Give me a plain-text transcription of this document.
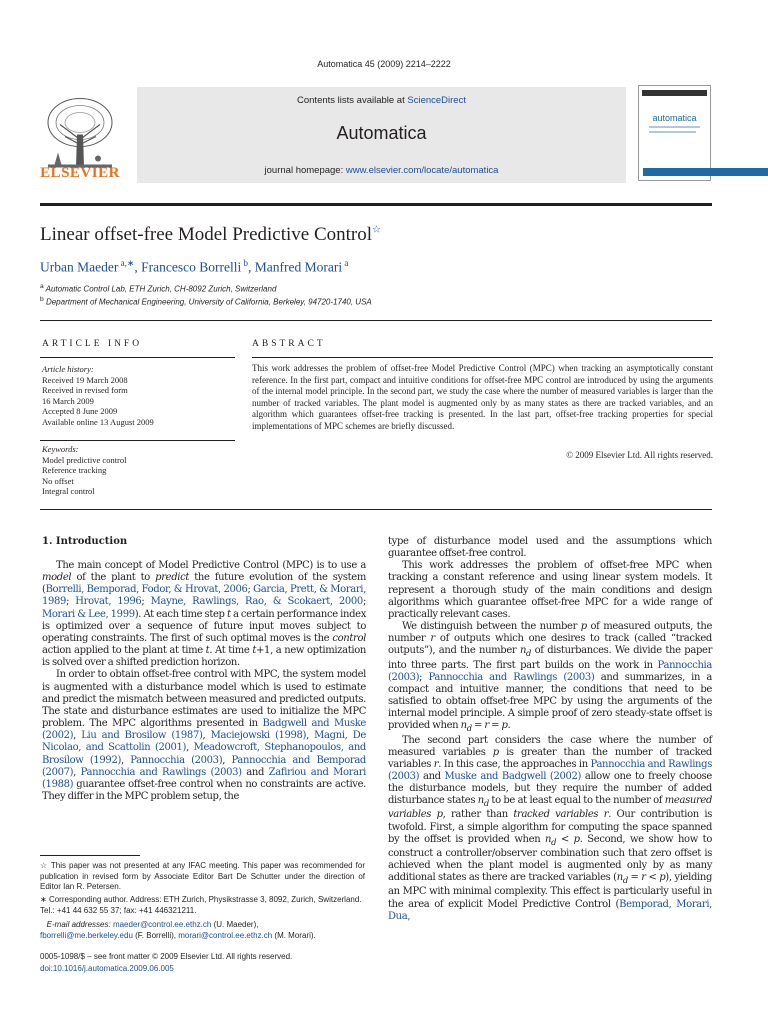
Automatica 45 (2009) 2214–2222
ELSEVIER
Contents lists available at ScienceDirect
Automatica
journal homepage: www.elsevier.com/locate/automatica
automatica
Linear offset-free Model Predictive Control☆
Urban Maeder $^{a,∗}$, Francesco Borrelli $^b$, Manfred Morari $^a$
$^a$ Automatic Control Lab, ETH Zurich, CH-8092 Zurich, Switzerland
$^b$ Department of Mechanical Engineering, University of California, Berkeley, 94720-1740, USA
ARTICLE INFO
Article history:
Received 19 March 2008
Received in revised form
16 March 2009
Accepted 8 June 2009
Available online 13 August 2009
Keywords:
Model predictive control
Reference tracking
No offset
Integral control
ABSTRACT
This work addresses the problem of offset-free Model Predictive Control (MPC) when tracking an asymptotically constant reference. In the first part, compact and intuitive conditions for offset-free MPC control are introduced by using the arguments of the internal model principle. In the second part, we study the case where the number of measured variables is larger than the number of tracked variables. The plant model is augmented only by as many states as there are tracked variables, and an algorithm which guarantees offset-free tracking is presented. In the last part, offset-free tracking properties for special implementations of MPC schemes are briefly discussed.
© 2009 Elsevier Ltd. All rights reserved.
1. Introduction

The main concept of Model Predictive Control (MPC) is to use a model of the plant to predict the future evolution of the system (Borrelli, Bemporad, Fodor, & Hrovat, 2006; Garcia, Prett, & Morari, 1989; Hrovat, 1996; Mayne, Rawlings, Rao, & Scokaert, 2000; Morari & Lee, 1999). At each time step t a certain performance index is optimized over a sequence of future input moves subject to operating constraints. The first of such optimal moves is the control action applied to the plant at time t. At time t+1, a new optimization is solved over a shifted prediction horizon.

In order to obtain offset-free control with MPC, the system model is augmented with a disturbance model which is used to estimate and predict the mismatch between measured and predicted outputs. The state and disturbance estimates are used to initialize the MPC problem. The MPC algorithms presented in Badgwell and Muske (2002), Liu and Brosilow (1987), Maciejowski (1998), Magni, De Nicolao, and Scattolin (2001), Meadowcroft, Stephanopoulos, and Brosilow (1992), Pannocchia (2003), Pannocchia and Bemporad (2007), Pannocchia and Rawlings (2003) and Zafiriou and Morari (1988) guarantee offset-free control when no constraints are active. They differ in the MPC problem setup, the

☆ This paper was not presented at any IFAC meeting. This paper was recommended for publication in revised form by Associate Editor Bart De Schutter under the direction of Editor Ian R. Petersen.
∗ Corresponding author. Address: ETH Zurich, Physikstrasse 3, 8092, Zurich, Switzerland. Tel.: +41 44 632 55 37; fax: +41 446321211.
E-mail addresses: maeder@control.ee.ethz.ch (U. Maeder),
fborrelli@me.berkeley.edu (F. Borrelli), morari@control.ee.ethz.ch (M. Morari).
0005-1098/$ – see front matter © 2009 Elsevier Ltd. All rights reserved.
doi:10.1016/j.automatica.2009.06.005

type of disturbance model used and the assumptions which guarantee offset-free control.

This work addresses the problem of offset-free MPC when tracking a constant reference and using linear system models. It represent a thorough study of the main conditions and design algorithms which guarantee offset-free MPC for a wide range of practically relevant cases.

We distinguish between the number p of measured outputs, the number r of outputs which one desires to track (called “tracked outputs”), and the number $n_d$ of disturbances. We divide the paper into three parts. The first part builds on the work in Pannocchia (2003); Pannocchia and Rawlings (2003) and summarizes, in a compact and intuitive manner, the conditions that need to be satisfied to obtain offset-free MPC by using the arguments of the internal model principle. A simple proof of zero steady-state offset is provided when $n_d = r = p$.

The second part considers the case where the number of measured variables p is greater than the number of tracked variables r. In this case, the approaches in Pannocchia and Rawlings (2003) and Muske and Badgwell (2002) allow one to freely choose the disturbance models, but they require the number of added disturbance states $n_d$ to be at least equal to the number of measured variables p, rather than tracked variables r. Our contribution is twofold. First, a simple algorithm for computing the space spanned by the offset is provided when $n_d < p$. Second, we show how to construct a controller/observer combination such that zero offset is achieved when the plant model is augmented only by as many additional states as there are tracked variables $(n_d = r < p)$, yielding an MPC with minimal complexity. This effect is particularly useful in the area of explicit Model Predictive Control (Bemporad, Morari, Dua,
